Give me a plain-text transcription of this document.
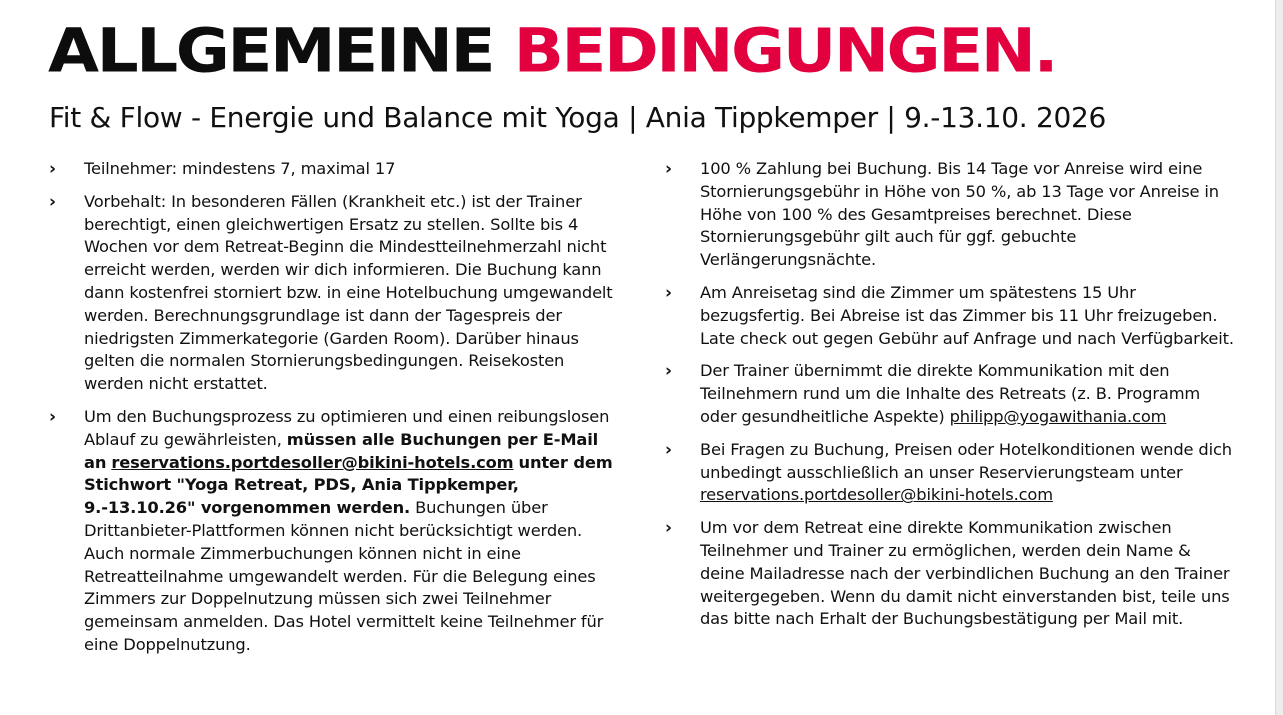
ALLGEMEINE BEDINGUNGEN.
Fit & Flow - Energie und Balance mit Yoga | Ania Tippkemper | 9.-13.10. 2026
› Teilnehmer: mindestens 7, maximal 17
› Vorbehalt: In besonderen Fällen (Krankheit etc.) ist der Trainer berechtigt, einen gleichwertigen Ersatz zu stellen. Sollte bis 4 Wochen vor dem Retreat-Beginn die Mindestteilnehmerzahl nicht erreicht werden, werden wir dich informieren. Die Buchung kann dann kostenfrei storniert bzw. in eine Hotelbuchung umgewandelt werden. Berechnungsgrundlage ist dann der Tagespreis der niedrigsten Zimmerkategorie (Garden Room). Darüber hinaus gelten die normalen Stornierungsbedingungen. Reisekosten werden nicht erstattet.
› Um den Buchungsprozess zu optimieren und einen reibungslosen Ablauf zu gewährleisten, müssen alle Buchungen per E-Mail an reservations.portdesoller@bikini-hotels.com unter dem Stichwort "Yoga Retreat, PDS, Ania Tippkemper, 9.-13.10.26" vorgenommen werden. Buchungen über Drittanbieter-Plattformen können nicht berücksichtigt werden. Auch normale Zimmerbuchungen können nicht in eine Retreatteilnahme umgewandelt werden. Für die Belegung eines Zimmers zur Doppelnutzung müssen sich zwei Teilnehmer gemeinsam anmelden. Das Hotel vermittelt keine Teilnehmer für eine Doppelnutzung.
› 100 % Zahlung bei Buchung. Bis 14 Tage vor Anreise wird eine Stornierungsgebühr in Höhe von 50 %, ab 13 Tage vor Anreise in Höhe von 100 % des Gesamtpreises berechnet. Diese Stornierungsgebühr gilt auch für ggf. gebuchte Verlängerungsnächte.
› Am Anreisetag sind die Zimmer um spätestens 15 Uhr bezugsfertig. Bei Abreise ist das Zimmer bis 11 Uhr freizugeben. Late check out gegen Gebühr auf Anfrage und nach Verfügbarkeit.
› Der Trainer übernimmt die direkte Kommunikation mit den Teilnehmern rund um die Inhalte des Retreats (z. B. Programm oder gesundheitliche Aspekte) philipp@yogawithania.com
› Bei Fragen zu Buchung, Preisen oder Hotelkonditionen wende dich unbedingt ausschließlich an unser Reservierungsteam unter reservations.portdesoller@bikini-hotels.com
› Um vor dem Retreat eine direkte Kommunikation zwischen Teilnehmer und Trainer zu ermöglichen, werden dein Name & deine Mailadresse nach der verbindlichen Buchung an den Trainer weitergegeben. Wenn du damit nicht einverstanden bist, teile uns das bitte nach Erhalt der Buchungsbestätigung per Mail mit.
